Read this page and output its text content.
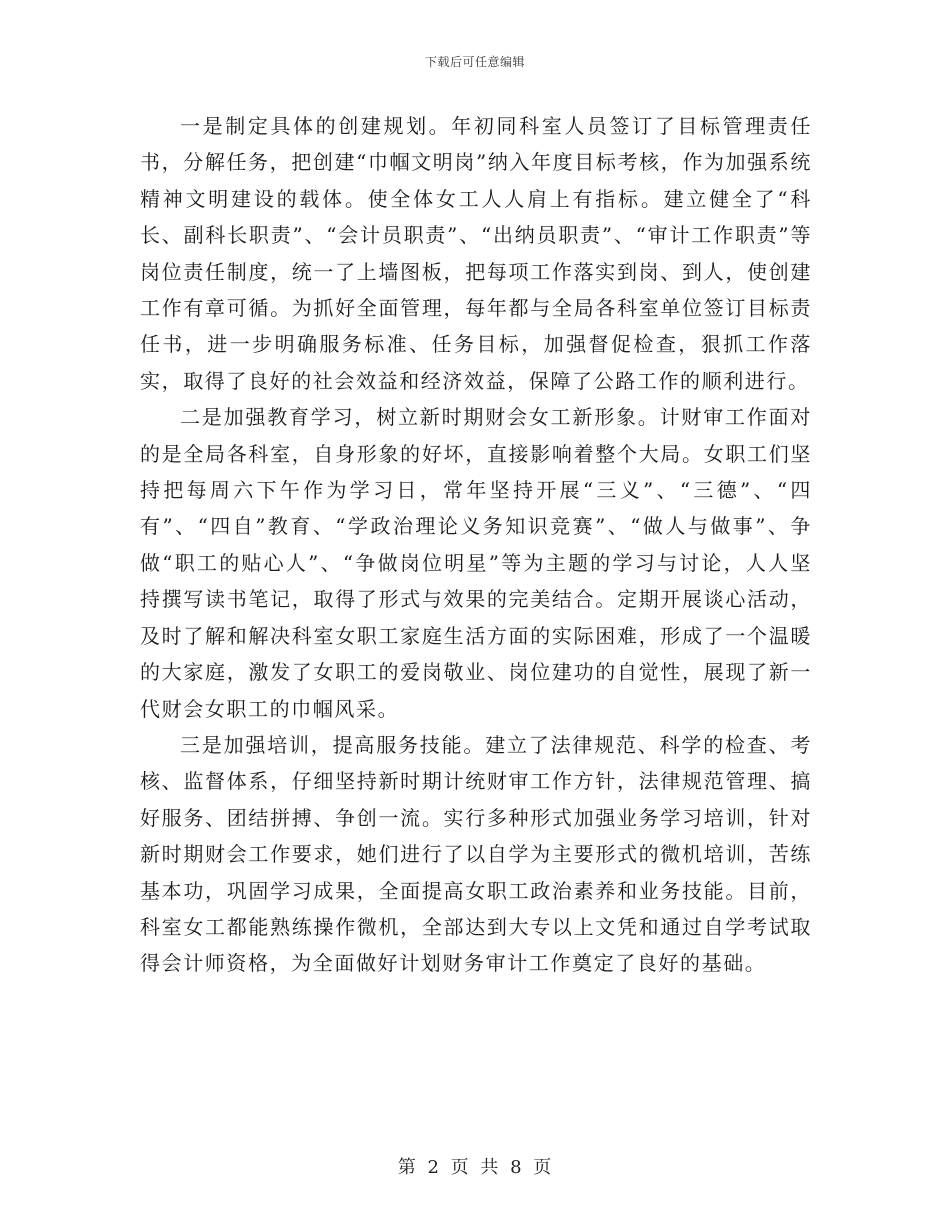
下载后可任意编辑

一是制定具体的创建规划。年初同科室人员签订了目标管理责任书，分解任务，把创建“巾帼文明岗”纳入年度目标考核，作为加强系统精神文明建设的载体。使全体女工人人肩上有指标。建立健全了“科长、副科长职责”、“会计员职责”、“出纳员职责”、“审计工作职责”等岗位责任制度，统一了上墙图板，把每项工作落实到岗、到人，使创建工作有章可循。为抓好全面管理，每年都与全局各科室单位签订目标责任书，进一步明确服务标准、任务目标，加强督促检查，狠抓工作落实，取得了良好的社会效益和经济效益，保障了公路工作的顺利进行。

二是加强教育学习，树立新时期财会女工新形象。计财审工作面对的是全局各科室，自身形象的好坏，直接影响着整个大局。女职工们坚持把每周六下午作为学习日，常年坚持开展“三义”、“三德”、“四有”、“四自”教育、“学政治理论义务知识竞赛”、“做人与做事”、争做“职工的贴心人”、“争做岗位明星”等为主题的学习与讨论，人人坚持撰写读书笔记，取得了形式与效果的完美结合。定期开展谈心活动，及时了解和解决科室女职工家庭生活方面的实际困难，形成了一个温暖的大家庭，激发了女职工的爱岗敬业、岗位建功的自觉性，展现了新一代财会女职工的巾帼风采。

三是加强培训，提高服务技能。建立了法律规范、科学的检查、考核、监督体系，仔细坚持新时期计统财审工作方针，法律规范管理、搞好服务、团结拼搏、争创一流。实行多种形式加强业务学习培训，针对新时期财会工作要求，她们进行了以自学为主要形式的微机培训，苦练基本功，巩固学习成果，全面提高女职工政治素养和业务技能。目前，科室女工都能熟练操作微机，全部达到大专以上文凭和通过自学考试取得会计师资格，为全面做好计划财务审计工作奠定了良好的基础。

第 2 页 共 8 页
